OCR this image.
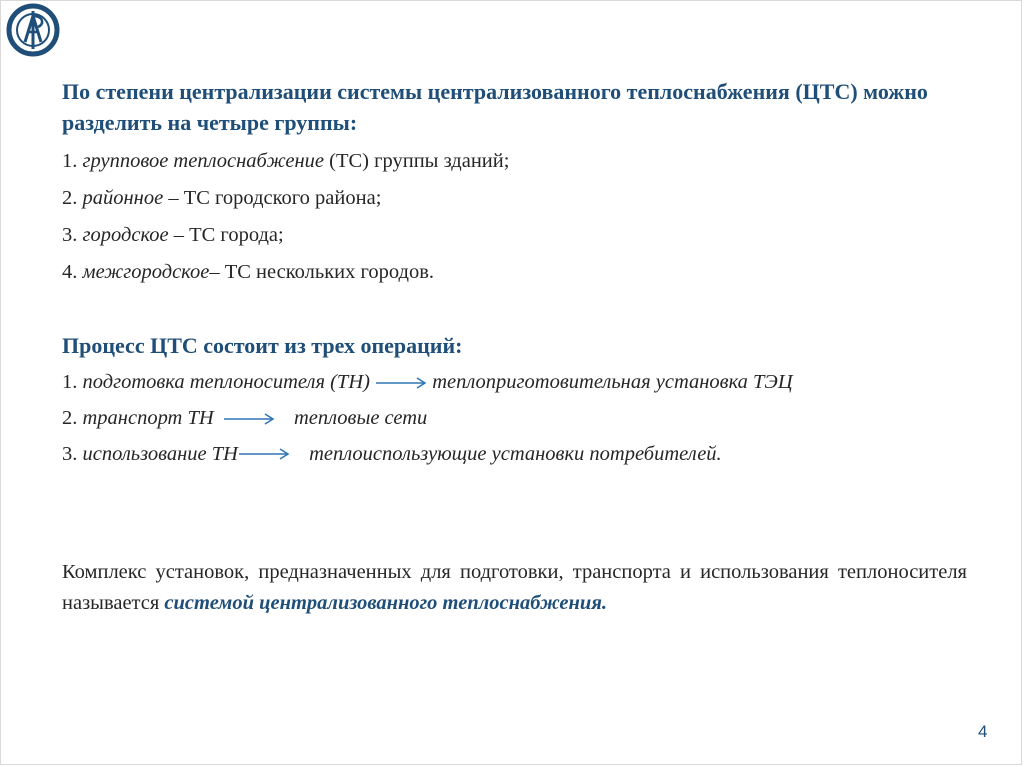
По степени централизации системы централизованного теплоснабжения (ЦТС) можно разделить на четыре группы:

1. групповое теплоснабжение (ТС) группы зданий;
2. районное – ТС городского района;
3. городское – ТС города;
4. межгородское– ТС нескольких городов.

Процесс ЦТС состоит из трех операций:

1. подготовка теплоносителя (ТН)	теплоприготовительная установка ТЭЦ
2. транспорт ТН	тепловые сети
3. использование ТН	теплоиспользующие установки потребителей.

Комплекс установок, предназначенных для подготовки, транспорта и использования теплоносителя называется системой централизованного теплоснабжения.

4
